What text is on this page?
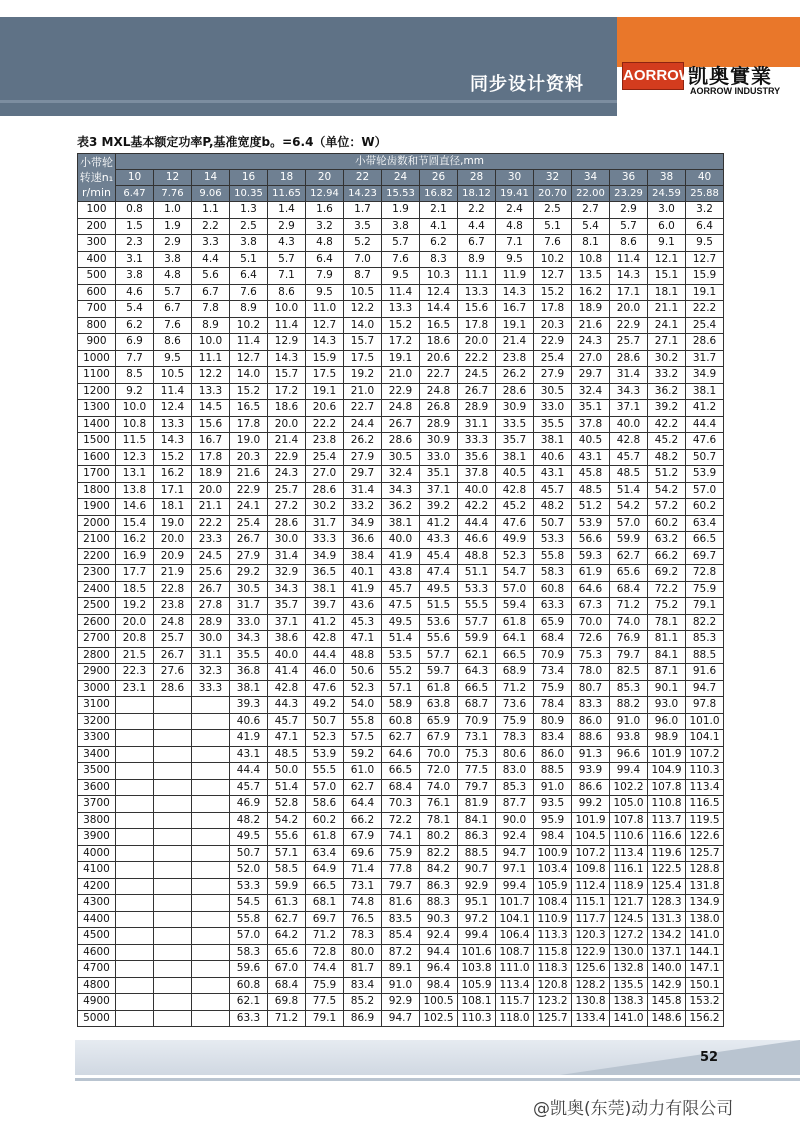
同步设计资料	AORROW
凯奥實業
AORROW INDUSTRY
表3 MXL基本额定功率P,基准宽度b。=6.4（单位：W）
小带轮
转速n₁
r/min	小带轮齿数和节圆直径,mm															
	10	12	14	16	18	20	22	24	26	28	30	32	34	36	38	40
	6.47	7.76	9.06	10.35	11.65	12.94	14.23	15.53	16.82	18.12	19.41	20.70	22.00	23.29	24.59	25.88
100	0.8	1.0	1.1	1.3	1.4	1.6	1.7	1.9	2.1	2.2	2.4	2.5	2.7	2.9	3.0	3.2
200	1.5	1.9	2.2	2.5	2.9	3.2	3.5	3.8	4.1	4.4	4.8	5.1	5.4	5.7	6.0	6.4
300	2.3	2.9	3.3	3.8	4.3	4.8	5.2	5.7	6.2	6.7	7.1	7.6	8.1	8.6	9.1	9.5
400	3.1	3.8	4.4	5.1	5.7	6.4	7.0	7.6	8.3	8.9	9.5	10.2	10.8	11.4	12.1	12.7
500	3.8	4.8	5.6	6.4	7.1	7.9	8.7	9.5	10.3	11.1	11.9	12.7	13.5	14.3	15.1	15.9
600	4.6	5.7	6.7	7.6	8.6	9.5	10.5	11.4	12.4	13.3	14.3	15.2	16.2	17.1	18.1	19.1
700	5.4	6.7	7.8	8.9	10.0	11.0	12.2	13.3	14.4	15.6	16.7	17.8	18.9	20.0	21.1	22.2
800	6.2	7.6	8.9	10.2	11.4	12.7	14.0	15.2	16.5	17.8	19.1	20.3	21.6	22.9	24.1	25.4
900	6.9	8.6	10.0	11.4	12.9	14.3	15.7	17.2	18.6	20.0	21.4	22.9	24.3	25.7	27.1	28.6
1000	7.7	9.5	11.1	12.7	14.3	15.9	17.5	19.1	20.6	22.2	23.8	25.4	27.0	28.6	30.2	31.7
1100	8.5	10.5	12.2	14.0	15.7	17.5	19.2	21.0	22.7	24.5	26.2	27.9	29.7	31.4	33.2	34.9
1200	9.2	11.4	13.3	15.2	17.2	19.1	21.0	22.9	24.8	26.7	28.6	30.5	32.4	34.3	36.2	38.1
1300	10.0	12.4	14.5	16.5	18.6	20.6	22.7	24.8	26.8	28.9	30.9	33.0	35.1	37.1	39.2	41.2
1400	10.8	13.3	15.6	17.8	20.0	22.2	24.4	26.7	28.9	31.1	33.5	35.5	37.8	40.0	42.2	44.4
1500	11.5	14.3	16.7	19.0	21.4	23.8	26.2	28.6	30.9	33.3	35.7	38.1	40.5	42.8	45.2	47.6
1600	12.3	15.2	17.8	20.3	22.9	25.4	27.9	30.5	33.0	35.6	38.1	40.6	43.1	45.7	48.2	50.7
1700	13.1	16.2	18.9	21.6	24.3	27.0	29.7	32.4	35.1	37.8	40.5	43.1	45.8	48.5	51.2	53.9
1800	13.8	17.1	20.0	22.9	25.7	28.6	31.4	34.3	37.1	40.0	42.8	45.7	48.5	51.4	54.2	57.0
1900	14.6	18.1	21.1	24.1	27.2	30.2	33.2	36.2	39.2	42.2	45.2	48.2	51.2	54.2	57.2	60.2
2000	15.4	19.0	22.2	25.4	28.6	31.7	34.9	38.1	41.2	44.4	47.6	50.7	53.9	57.0	60.2	63.4
2100	16.2	20.0	23.3	26.7	30.0	33.3	36.6	40.0	43.3	46.6	49.9	53.3	56.6	59.9	63.2	66.5
2200	16.9	20.9	24.5	27.9	31.4	34.9	38.4	41.9	45.4	48.8	52.3	55.8	59.3	62.7	66.2	69.7
2300	17.7	21.9	25.6	29.2	32.9	36.5	40.1	43.8	47.4	51.1	54.7	58.3	61.9	65.6	69.2	72.8
2400	18.5	22.8	26.7	30.5	34.3	38.1	41.9	45.7	49.5	53.3	57.0	60.8	64.6	68.4	72.2	75.9
2500	19.2	23.8	27.8	31.7	35.7	39.7	43.6	47.5	51.5	55.5	59.4	63.3	67.3	71.2	75.2	79.1
2600	20.0	24.8	28.9	33.0	37.1	41.2	45.3	49.5	53.6	57.7	61.8	65.9	70.0	74.0	78.1	82.2
2700	20.8	25.7	30.0	34.3	38.6	42.8	47.1	51.4	55.6	59.9	64.1	68.4	72.6	76.9	81.1	85.3
2800	21.5	26.7	31.1	35.5	40.0	44.4	48.8	53.5	57.7	62.1	66.5	70.9	75.3	79.7	84.1	88.5
2900	22.3	27.6	32.3	36.8	41.4	46.0	50.6	55.2	59.7	64.3	68.9	73.4	78.0	82.5	87.1	91.6
3000	23.1	28.6	33.3	38.1	42.8	47.6	52.3	57.1	61.8	66.5	71.2	75.9	80.7	85.3	90.1	94.7
3100				39.3	44.3	49.2	54.0	58.9	63.8	68.7	73.6	78.4	83.3	88.2	93.0	97.8
3200				40.6	45.7	50.7	55.8	60.8	65.9	70.9	75.9	80.9	86.0	91.0	96.0	101.0
3300				41.9	47.1	52.3	57.5	62.7	67.9	73.1	78.3	83.4	88.6	93.8	98.9	104.1
3400				43.1	48.5	53.9	59.2	64.6	70.0	75.3	80.6	86.0	91.3	96.6	101.9	107.2
3500				44.4	50.0	55.5	61.0	66.5	72.0	77.5	83.0	88.5	93.9	99.4	104.9	110.3
3600				45.7	51.4	57.0	62.7	68.4	74.0	79.7	85.3	91.0	86.6	102.2	107.8	113.4
3700				46.9	52.8	58.6	64.4	70.3	76.1	81.9	87.7	93.5	99.2	105.0	110.8	116.5
3800				48.2	54.2	60.2	66.2	72.2	78.1	84.1	90.0	95.9	101.9	107.8	113.7	119.5
3900				49.5	55.6	61.8	67.9	74.1	80.2	86.3	92.4	98.4	104.5	110.6	116.6	122.6
4000				50.7	57.1	63.4	69.6	75.9	82.2	88.5	94.7	100.9	107.2	113.4	119.6	125.7
4100				52.0	58.5	64.9	71.4	77.8	84.2	90.7	97.1	103.4	109.8	116.1	122.5	128.8
4200				53.3	59.9	66.5	73.1	79.7	86.3	92.9	99.4	105.9	112.4	118.9	125.4	131.8
4300				54.5	61.3	68.1	74.8	81.6	88.3	95.1	101.7	108.4	115.1	121.7	128.3	134.9
4400				55.8	62.7	69.7	76.5	83.5	90.3	97.2	104.1	110.9	117.7	124.5	131.3	138.0
4500				57.0	64.2	71.2	78.3	85.4	92.4	99.4	106.4	113.3	120.3	127.2	134.2	141.0
4600				58.3	65.6	72.8	80.0	87.2	94.4	101.6	108.7	115.8	122.9	130.0	137.1	144.1
4700				59.6	67.0	74.4	81.7	89.1	96.4	103.8	111.0	118.3	125.6	132.8	140.0	147.1
4800				60.8	68.4	75.9	83.4	91.0	98.4	105.9	113.4	120.8	128.2	135.5	142.9	150.1
4900				62.1	69.8	77.5	85.2	92.9	100.5	108.1	115.7	123.2	130.8	138.3	145.8	153.2
5000				63.3	71.2	79.1	86.9	94.7	102.5	110.3	118.0	125.7	133.4	141.0	148.6	156.2
52
@凯奥(东莞)动力有限公司
